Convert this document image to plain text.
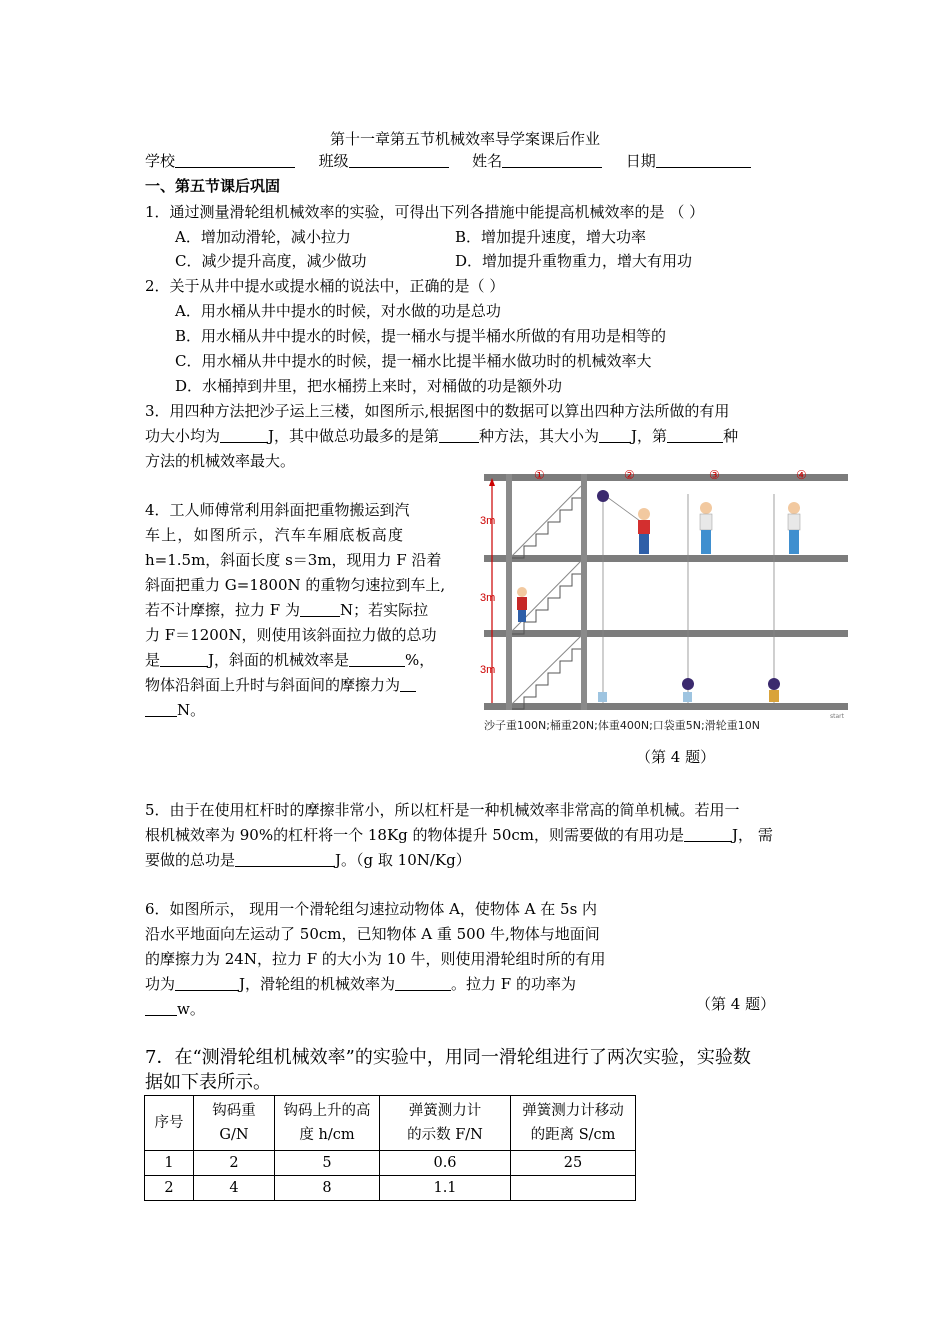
第十一章第五节机械效率导学案课后作业
学校	班级	姓名	日期
一、第五节课后巩固
1．通过测量滑轮组机械效率的实验，可得出下列各措施中能提高机械效率的是 （ ）
A．增加动滑轮，减小拉力	B．增加提升速度，增大功率
C．减少提升高度，减少做功	D．增加提升重物重力，增大有用功
2．关于从井中提水或提水桶的说法中，正确的是（ ）
A．用水桶从井中提水的时候，对水做的功是总功
B．用水桶从井中提水的时候，提一桶水与提半桶水所做的有用功是相等的
C．用水桶从井中提水的时候，提一桶水比提半桶水做功时的机械效率大
D．水桶掉到井里，把水桶捞上来时，对桶做的功是额外功
3．用四种方法把沙子运上三楼，如图所示,根据图中的数据可以算出四种方法所做的有用
功大小均为	J，其中做总功最多的是第	种方法，其大小为 J，第	种
方法的机械效率最大。
4．工人师傅常利用斜面把重物搬运到汽
车上，如图所示，汽车车厢底板高度
h=1.5m，斜面长度 s＝3m，现用力 F 沿着
斜面把重力 G=1800N 的重物匀速拉到车上,
若不计摩擦，拉力 F 为	N；若实际拉
力 F＝1200N，则使用该斜面拉力做的总功
是	J，斜面的机械效率是	%，
物体沿斜面上升时与斜面间的摩擦力为
N。
3m
3m
3m
①	②	③	④
沙子重100N;桶重20N;体重400N;口袋重5N;滑轮重10N
start
（第 4 题）
5．由于在使用杠杆时的摩擦非常小，所以杠杆是一种机械效率非常高的简单机械。若用一
根机械效率为 90%的杠杆将一个 18Kg 的物体提升 50cm，则需要做的有用功是	J， 需
要做的总功是	J。（g 取 10N/Kg）
6．如图所示， 现用一个滑轮组匀速拉动物体 A，使物体 A 在 5s 内
沿水平地面向左运动了 50cm，已知物体 A 重 500 牛,物体与地面间
的摩擦力为 24N，拉力 F 的大小为 10 牛，则使用滑轮组时所的有用
功为	J，滑轮组的机械效率为	。拉力 F 的功率为
（第 4 题）
w。
7．在“测滑轮组机械效率”的实验中，用同一滑轮组进行了两次实验，实验数
据如下表所示。
序号	钩码重
G/N	钩码上升的高
度 h/cm	弹簧测力计
的示数 F/N	弹簧测力计移动
的距离 S/cm
1	2	5	0.6	25
2	4	8	1.1	
